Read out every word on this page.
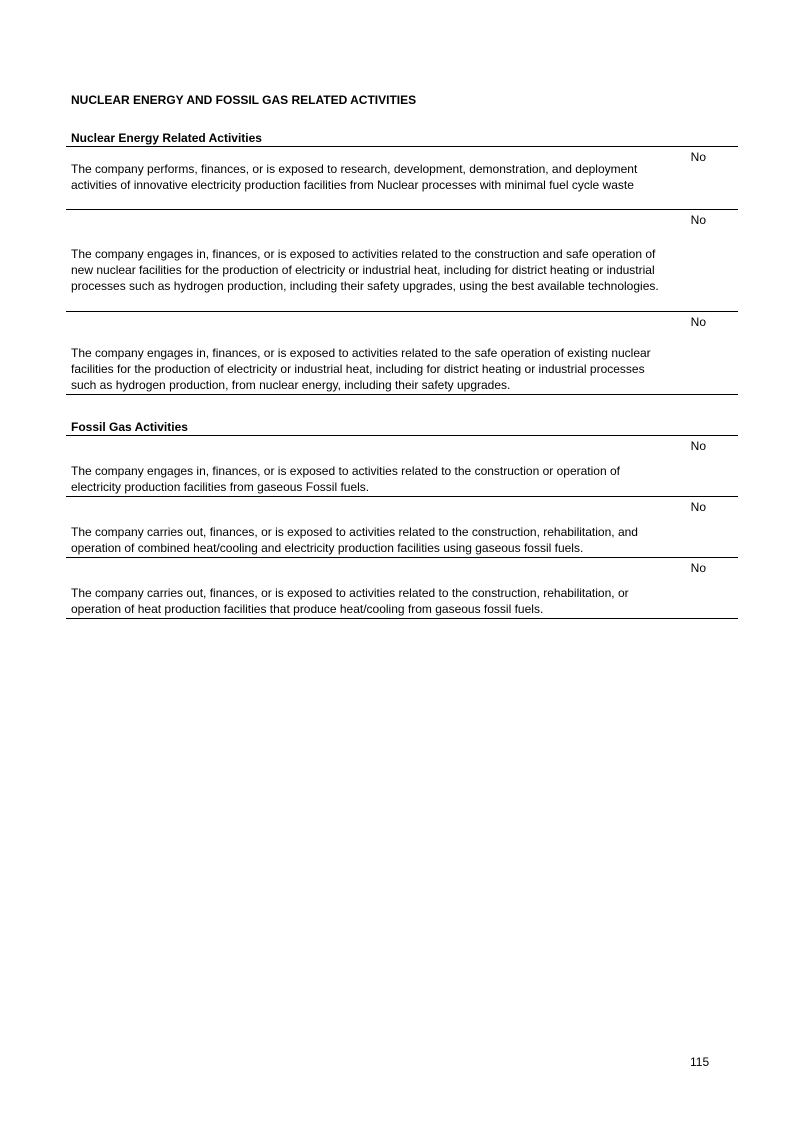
NUCLEAR ENERGY AND FOSSIL GAS RELATED ACTIVITIES
Nuclear Energy Related Activities
No
The company performs, finances, or is exposed to research, development, demonstration, and deployment activities of innovative electricity production facilities from Nuclear processes with minimal fuel cycle waste
No
The company engages in, finances, or is exposed to activities related to the construction and safe operation of new nuclear facilities for the production of electricity or industrial heat, including for district heating or industrial processes such as hydrogen production, including their safety upgrades, using the best available technologies.
No
The company engages in, finances, or is exposed to activities related to the safe operation of existing nuclear facilities for the production of electricity or industrial heat, including for district heating or industrial processes such as hydrogen production, from nuclear energy, including their safety upgrades.
Fossil Gas Activities
No
The company engages in, finances, or is exposed to activities related to the construction or operation of electricity production facilities from gaseous Fossil fuels.
No
The company carries out, finances, or is exposed to activities related to the construction, rehabilitation, and operation of combined heat/cooling and electricity production facilities using gaseous fossil fuels.
No
The company carries out, finances, or is exposed to activities related to the construction, rehabilitation, or operation of heat production facilities that produce heat/cooling from gaseous fossil fuels.
115
